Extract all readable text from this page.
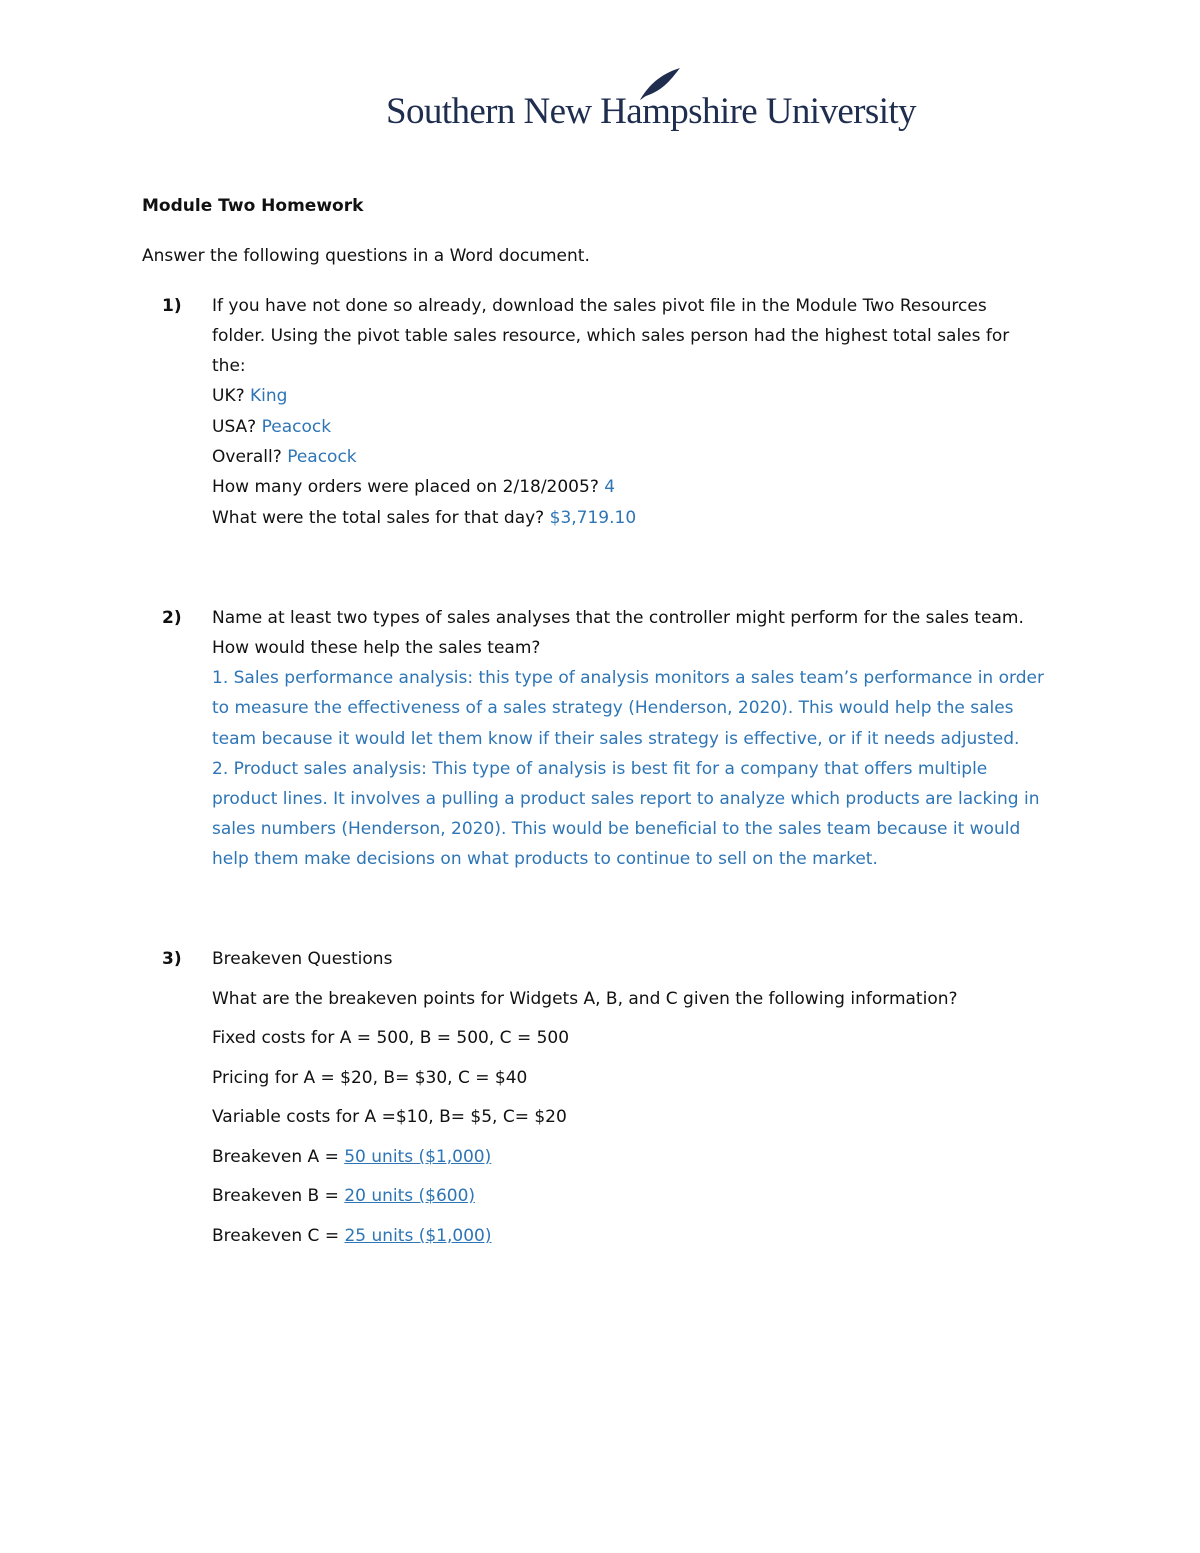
Southern New Hampshire University
Module Two Homework
Answer the following questions in a Word document.
1) If you have not done so already, download the sales pivot file in the Module Two Resources
folder. Using the pivot table sales resource, which sales person had the highest total sales for
the:
UK? King
USA? Peacock
Overall? Peacock
How many orders were placed on 2/18/2005? 4
What were the total sales for that day? $3,719.10
2) Name at least two types of sales analyses that the controller might perform for the sales team.
How would these help the sales team?
1. Sales performance analysis: this type of analysis monitors a sales team’s performance in order
to measure the effectiveness of a sales strategy (Henderson, 2020). This would help the sales
team because it would let them know if their sales strategy is effective, or if it needs adjusted.
2. Product sales analysis: This type of analysis is best fit for a company that offers multiple
product lines. It involves a pulling a product sales report to analyze which products are lacking in
sales numbers (Henderson, 2020). This would be beneficial to the sales team because it would
help them make decisions on what products to continue to sell on the market.
3) Breakeven Questions
What are the breakeven points for Widgets A, B, and C given the following information?
Fixed costs for A = 500, B = 500, C = 500
Pricing for A = $20, B= $30, C = $40
Variable costs for A =$10, B= $5, C= $20
Breakeven A = 50 units ($1,000)
Breakeven B = 20 units ($600)
Breakeven C = 25 units ($1,000)
